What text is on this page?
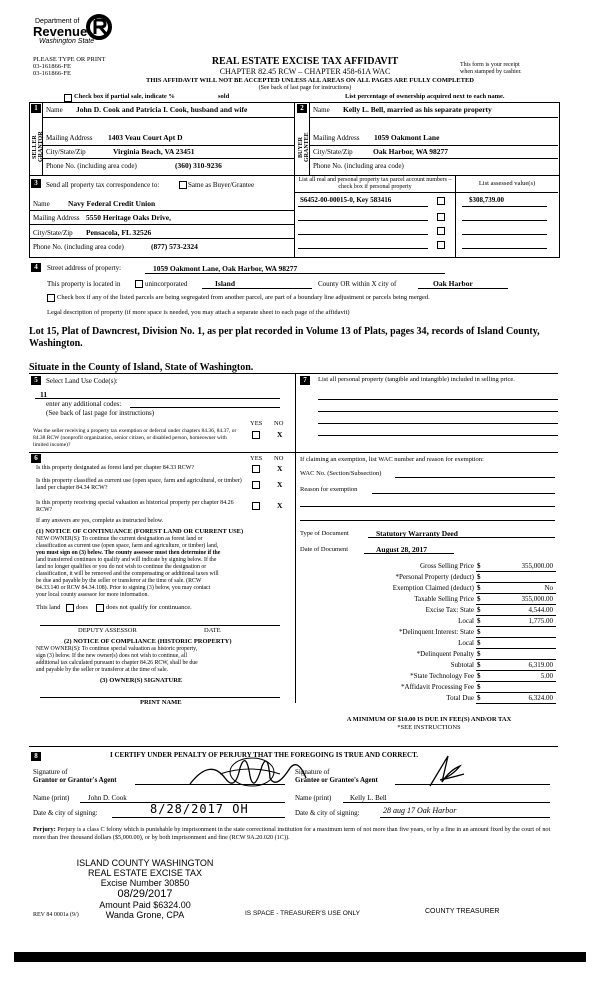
Department of
Revenue
Washington State
PLEASE TYPE OR PRINT
03-161866-FE
03-161866-FE
REAL ESTATE EXCISE TAX AFFIDAVIT
CHAPTER 82.45 RCW – CHAPTER 458-61A WAC
This form is your receipt
when stamped by cashier.
THIS AFFIDAVIT WILL NOT BE ACCEPTED UNLESS ALL AREAS ON ALL PAGES ARE FULLY COMPLETED
(See back of last page for instructions)
Check box if partial sale, indicate %	sold	List percentage of ownership acquired next to each name.
1
SELLER GRANTOR
Name John D. Cook and Patricia I. Cook, husband and wife
Mailing Address 1403 Veau Court Apt D
City/State/Zip	Virginia Beach, VA 23451
Phone No. (including area code)	(360) 310-9236
2
BUYER GRANTEE
Name Kelly L. Bell, married as his separate property
Mailing Address 1059 Oakmont Lane
City/State/Zip	Oak Harbor, WA 98277
Phone No. (including area code)
3	Send all property tax correspondence to:	Same as Buyer/Grantee
Name Navy Federal Credit Union
Mailing Address 5550 Heritage Oaks Drive,
City/State/Zip Pensacola, FL 32526
Phone No. (including area code)	(877) 573-2324
List all real and personal property tax parcel account numbers – check box if personal property	List assessed value(s)
S6452-00-00015-0, Key 583416	$308,739.00
4	Street address of property:	1059 Oakmont Lane, Oak Harbor, WA 98277
This property is located in	unincorporated	Island	County OR within X city of	Oak Harbor
Check box if any of the listed parcels are being segregated from another parcel, are part of a boundary line adjustment or parcels being merged.
Legal description of property (if more space is needed, you may attach a separate sheet to each page of the affidavit)
Lot 15, Plat of Dawncrest, Division No. 1, as per plat recorded in Volume 13 of Plats, pages 34, records of Island County, Washington.
Situate in the County of Island, State of Washington.
5	Select Land Use Code(s):
11
enter any additional codes:
(See back of last page for instructions)
YES NO
Was the seller receiving a property tax exemption or deferral under chapters 84.36, 84.37, or 84.38 RCW (nonprofit organization, senior citizen, or disabled person, homeowner with limited income)?
X
6	YES NO
Is this property designated as forest land per chapter 84.33 RCW?	X
Is this property classified as current use (open space, farm and agricultural, or timber) land per chapter 84.34 RCW?	X
Is this property receiving special valuation as historical property per chapter 84.26 RCW?	X
If any answers are yes, complete as instructed below.
(1) NOTICE OF CONTINUANCE (FOREST LAND OR CURRENT USE)
NEW OWNER(S): To continue the current designation as forest land or
classification as current use (open space, farm and agriculture, or timber) land,
you must sign on (3) below. The county assessor must then determine if the
land transferred continues to qualify and will indicate by signing below. If the
land no longer qualifies or you do not wish to continue the designation or
classification, it will be removed and the compensating or additional taxes will
be due and payable by the seller or transferor at the time of sale. (RCW
84.33.140 or RCW 84.34.108). Prior to signing (3) below, you may contact
your local county assessor for more information.
This land does	does not qualify for continuance.
DEPUTY ASSESSOR	DATE
(2) NOTICE OF COMPLIANCE (HISTORIC PROPERTY)
NEW OWNER(S): To continue special valuation as historic property,
sign (3) below. If the new owner(s) does not wish to continue, all
additional tax calculated pursuant to chapter 84.26 RCW, shall be due
and payable by the seller or transferor at the time of sale.
(3) OWNER(S) SIGNATURE
PRINT NAME
7	List all personal property (tangible and intangible) included in selling price.
If claiming an exemption, list WAC number and reason for exemption:
WAC No. (Section/Subsection)
Reason for exemption
Type of Document	Statutory Warranty Deed
Date of Document	August 28, 2017
Gross Selling Price $	355,000.00
*Personal Property (deduct) $
Exemption Claimed (deduct) $	No
Taxable Selling Price $	355,000.00
Excise Tax: State $	4,544.00
Local $	1,775.00
*Delinquent Interest: State $
Local $
*Delinquent Penalty $
Subtotal $	6,319.00
*State Technology Fee $	5.00
*Affidavit Processing Fee $
Total Due $	6,324.00
A MINIMUM OF $10.00 IS DUE IN FEE(S) AND/OR TAX
*SEE INSTRUCTIONS
8	I CERTIFY UNDER PENALTY OF PERJURY THAT THE FOREGOING IS TRUE AND CORRECT.
Signature of
Grantor or Grantor's Agent
Signature of
Grantee or Grantee's Agent
Name (print)	John D. Cook	Name (print)	Kelly L. Bell
Date & city of signing:	8/28/2017 OH	Date & city of signing:	28 aug 17 Oak Harbor
Perjury: Perjury is a class C felony which is punishable by imprisonment in the state correctional institution for a maximum term of not more than five years, or by a fine in an amount fixed by the court of not more than five thousand dollars ($5,000.00), or by both imprisonment and fine (RCW 9A.20.020 (1C)).
ISLAND COUNTY WASHINGTON
REAL ESTATE EXCISE TAX
Excise Number 30850
08/29/2017
Amount Paid $6324.00
Wanda Grone, CPA
REV 84 0001a (9/)	IS SPACE - TREASURER'S USE ONLY	COUNTY TREASURER
